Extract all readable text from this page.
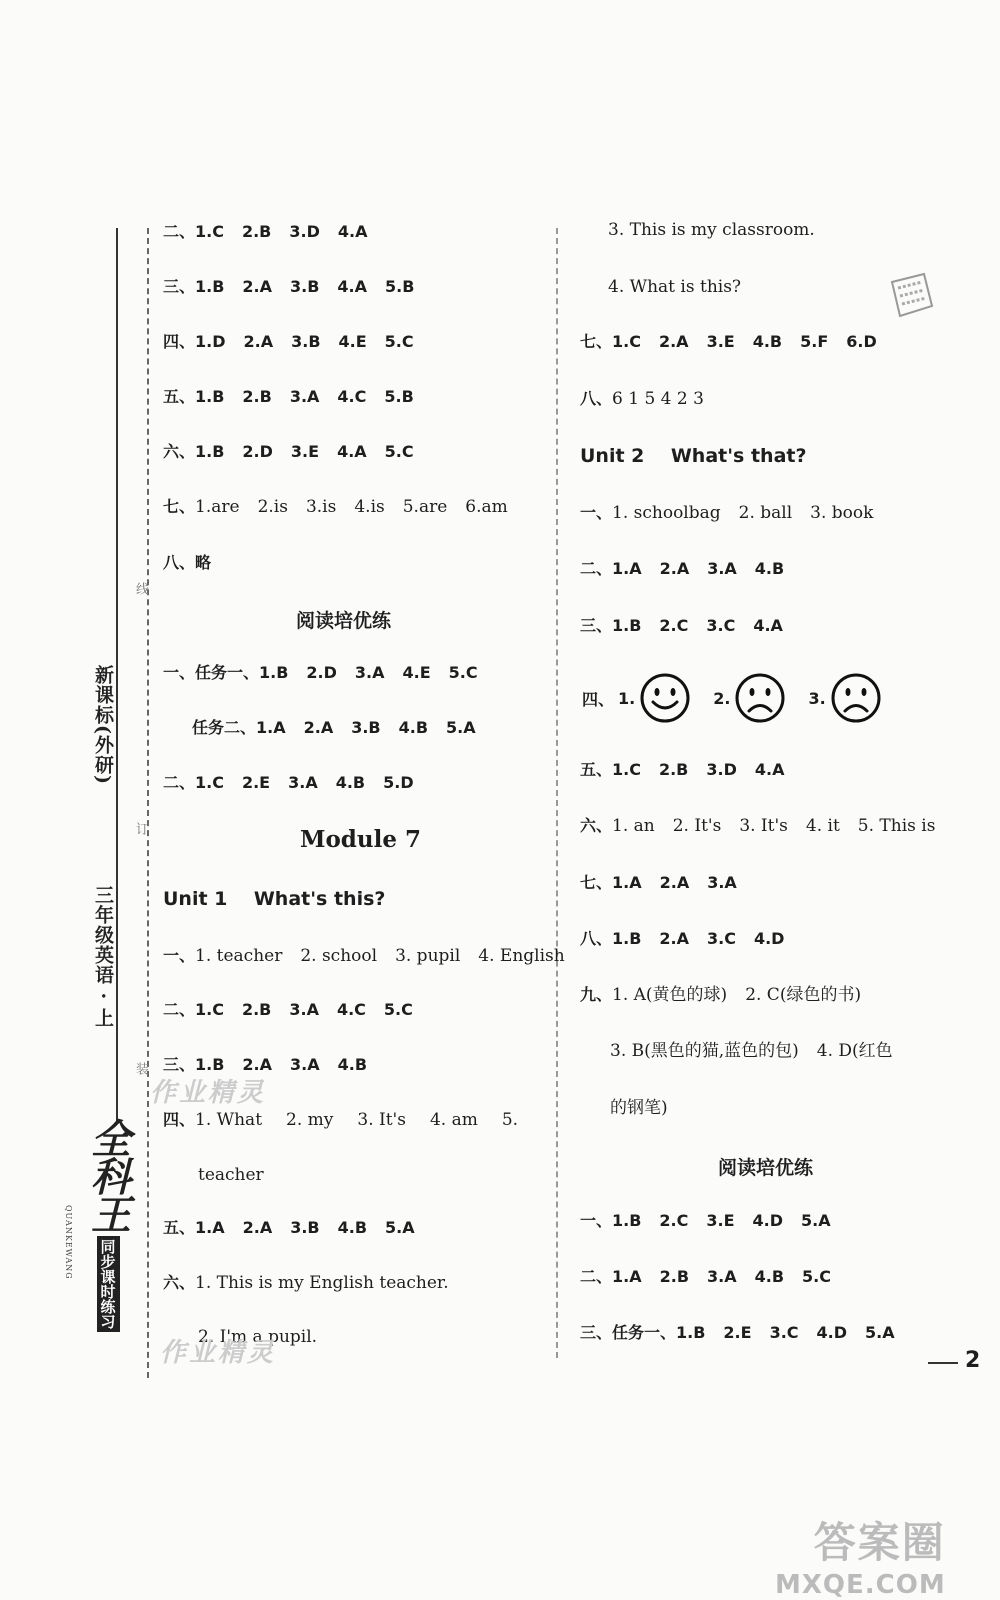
三年级英语 · 上
新课标(外研)
线
订
装
全科王
同步课时练习
QUANKEWANG
二、1.C 2.B 3.D 4.A
三、1.B 2.A 3.B 4.A 5.B
四、1.D 2.A 3.B 4.E 5.C
五、1.B 2.B 3.A 4.C 5.B
六、1.B 2.D 3.E 4.A 5.C
七、1.are 2.is 3.is 4.is 5.are 6.am
八、略
阅读培优练
一、任务一、1.B 2.D 3.A 4.E 5.C
任务二、1.A 2.A 3.B 4.B 5.A
二、1.C 2.E 3.A 4.B 5.D
Module 7
Unit 1    What's this?
一、1. teacher 2. school 3. pupil 4. English
二、1.C 2.B 3.A 4.C 5.C
三、1.B 2.A 3.A 4.B
四、1. What 2. my 3. It's 4. am 5.
teacher
五、1.A 2.A 3.B 4.B 5.A
六、1. This is my English teacher.
2. I'm a pupil.
作业精灵
作业精灵
3. This is my classroom.
4. What is this?
七、1.C 2.A 3.E 4.B 5.F 6.D
八、6 1 5 4 2 3
Unit 2    What's that?
一、1. schoolbag 2. ball 3. book
二、1.A 2.A 3.A 4.B
三、1.B 2.C 3.C 4.A
四、 1.	2.	3.
五、1.C 2.B 3.D 4.A
六、1. an 2. It's 3. It's 4. it 5. This is
七、1.A 2.A 3.A
八、1.B 2.A 3.C 4.D
九、1. A(黄色的球) 2. C(绿色的书)
3. B(黑色的猫,蓝色的包) 4. D(红色
的钢笔)
阅读培优练
一、1.B 2.C 3.E 4.D 5.A
二、1.A 2.B 3.A 4.B 5.C
三、任务一、1.B 2.E 3.C 4.D 5.A
2
答案圈
MXQE.COM
